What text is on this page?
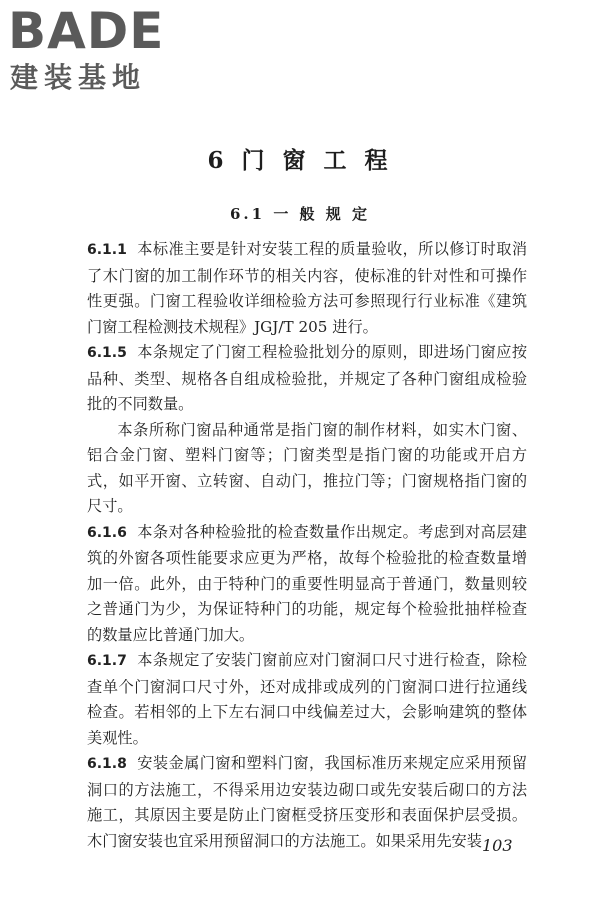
BADE
建装基地
6 门 窗 工 程
6.1 一 般 规 定

6.1.1 本标准主要是针对安装工程的质量验收，所以修订时取消了木门窗的加工制作环节的相关内容，使标准的针对性和可操作性更强。门窗工程验收详细检验方法可参照现行行业标准《建筑门窗工程检测技术规程》JGJ/T 205 进行。

6.1.5 本条规定了门窗工程检验批划分的原则，即进场门窗应按品种、类型、规格各自组成检验批，并规定了各种门窗组成检验批的不同数量。

本条所称门窗品种通常是指门窗的制作材料，如实木门窗、铝合金门窗、塑料门窗等；门窗类型是指门窗的功能或开启方式，如平开窗、立转窗、自动门，推拉门等；门窗规格指门窗的尺寸。

6.1.6 本条对各种检验批的检查数量作出规定。考虑到对高层建筑的外窗各项性能要求应更为严格，故每个检验批的检查数量增加一倍。此外，由于特种门的重要性明显高于普通门，数量则较之普通门为少，为保证特种门的功能，规定每个检验批抽样检查的数量应比普通门加大。

6.1.7 本条规定了安装门窗前应对门窗洞口尺寸进行检查，除检查单个门窗洞口尺寸外，还对成排或成列的门窗洞口进行拉通线检查。若相邻的上下左右洞口中线偏差过大，会影响建筑的整体美观性。

6.1.8 安装金属门窗和塑料门窗，我国标准历来规定应采用预留洞口的方法施工，不得采用边安装边砌口或先安装后砌口的方法施工，其原因主要是防止门窗框受挤压变形和表面保护层受损。木门窗安装也宜采用预留洞口的方法施工。如果采用先安装 103
